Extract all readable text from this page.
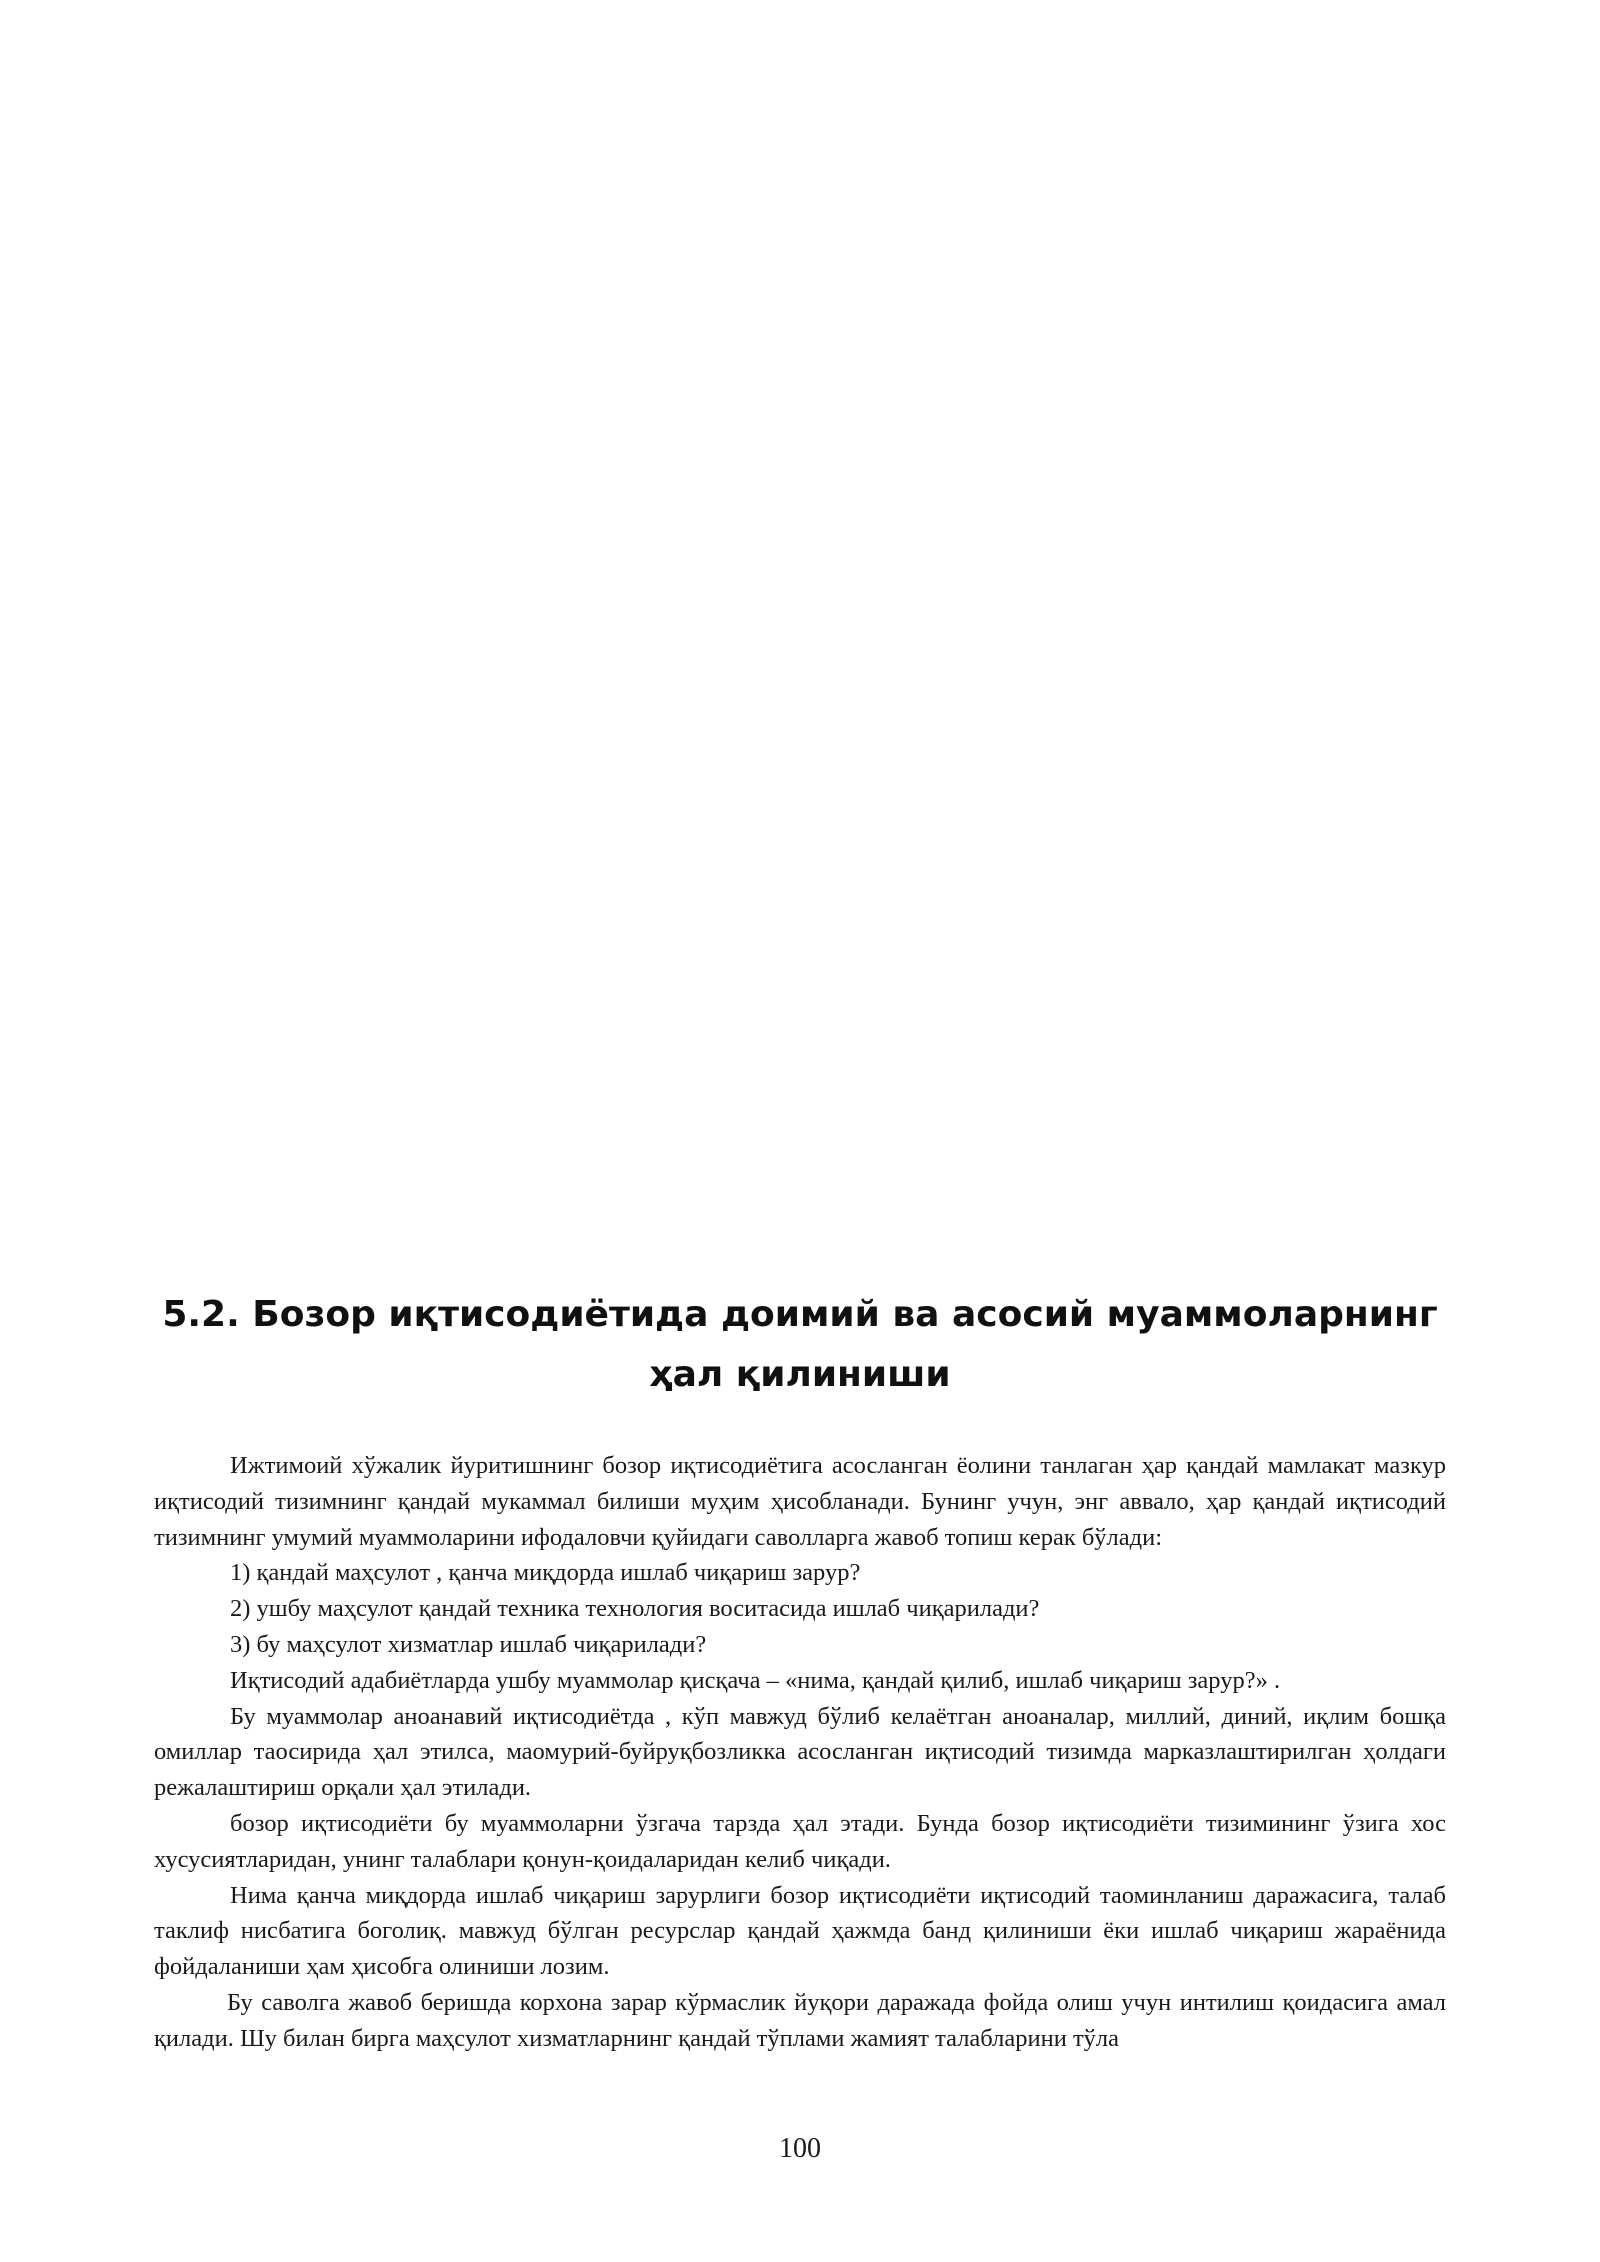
5.2. Бозор иқтисодиётида доимий ва асосий муаммоларнинг
ҳал қилиниши

Ижтимоий хўжалик йуритишнинг бозор иқтисодиётига асосланган ёолини танлаган ҳар қандай мамлакат мазкур иқтисодий тизимнинг қандай мукаммал билиши муҳим ҳисобланади. Бунинг учун, энг аввало, ҳар қандай иқтисодий тизимнинг умумий муаммоларини ифодаловчи қуйидаги саволларга жавоб топиш керак бўлади:

1) қандай маҳсулот , қанча миқдорда ишлаб чиқариш зарур?

2) ушбу маҳсулот қандай техника технология воситасида ишлаб чиқарилади?

3) бу маҳсулот хизматлар ишлаб чиқарилади?

Иқтисодий адабиётларда ушбу муаммолар қисқача – «нима, қандай қилиб, ишлаб чиқариш зарур?» .

Бу муаммолар аноанавий иқтисодиётда , кўп мавжуд бўлиб келаётган аноаналар, миллий, диний, иқлим бошқа омиллар таосирида ҳал этилса, маомурий-буйруқбозликка асосланган иқтисодий тизимда марказлаштирилган ҳолдаги режалаштириш орқали ҳал этилади.

бозор иқтисодиёти бу муаммоларни ўзгача тарзда ҳал этади. Бунда бозор иқтисодиёти тизимининг ўзига хос хусусиятларидан, унинг талаблари қонун-қоидаларидан келиб чиқади.

Нима қанча миқдорда ишлаб чиқариш зарурлиги бозор иқтисодиёти иқтисодий таоминланиш даражасига, талаб таклиф нисбатига боголиқ. мавжуд бўлган ресурслар қандай ҳажмда банд қилиниши ёки ишлаб чиқариш жараёнида фойдаланиши ҳам ҳисобга олиниши лозим.

Бу саволга жавоб беришда корхона зарар кўрмаслик йуқори даражада фойда олиш учун интилиш қоидасига амал қилади. Шу билан бирга маҳсулот хизматларнинг қандай тўплами жамият талабларини тўла

100
